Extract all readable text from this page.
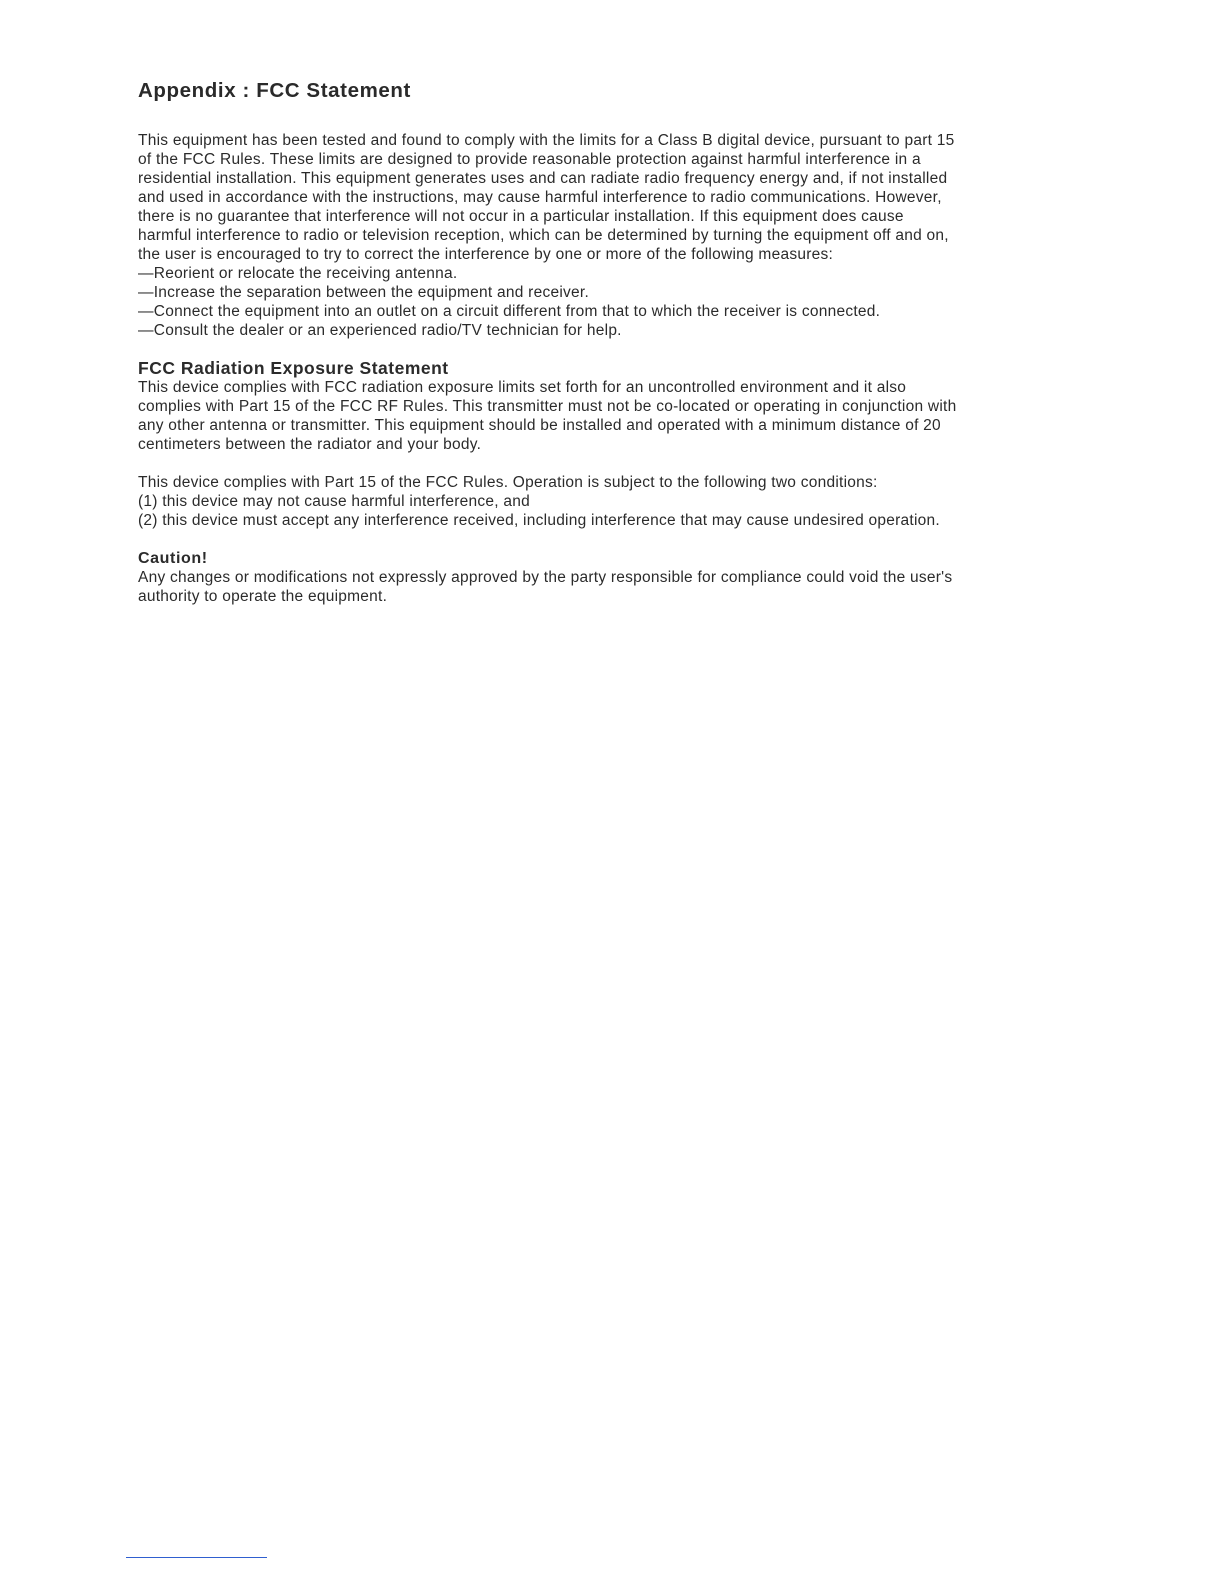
Appendix : FCC Statement
This equipment has been tested and found to comply with the limits for a Class B digital device, pursuant to part 15
of the FCC Rules. These limits are designed to provide reasonable protection against harmful interference in a
residential installation. This equipment generates uses and can radiate radio frequency energy and, if not installed
and used in accordance with the instructions, may cause harmful interference to radio communications. However,
there is no guarantee that interference will not occur in a particular installation. If this equipment does cause
harmful interference to radio or television reception, which can be determined by turning the equipment off and on,
the user is encouraged to try to correct the interference by one or more of the following measures:
—Reorient or relocate the receiving antenna.
—Increase the separation between the equipment and receiver.
—Connect the equipment into an outlet on a circuit different from that to which the receiver is connected.
—Consult the dealer or an experienced radio/TV technician for help.
FCC Radiation Exposure Statement
This device complies with FCC radiation exposure limits set forth for an uncontrolled environment and it also
complies with Part 15 of the FCC RF Rules. This transmitter must not be co-located or operating in conjunction with
any other antenna or transmitter. This equipment should be installed and operated with a minimum distance of 20
centimeters between the radiator and your body.
This device complies with Part 15 of the FCC Rules. Operation is subject to the following two conditions:
(1) this device may not cause harmful interference, and
(2) this device must accept any interference received, including interference that may cause undesired operation.
Caution!
Any changes or modifications not expressly approved by the party responsible for compliance could void the user's
authority to operate the equipment.
